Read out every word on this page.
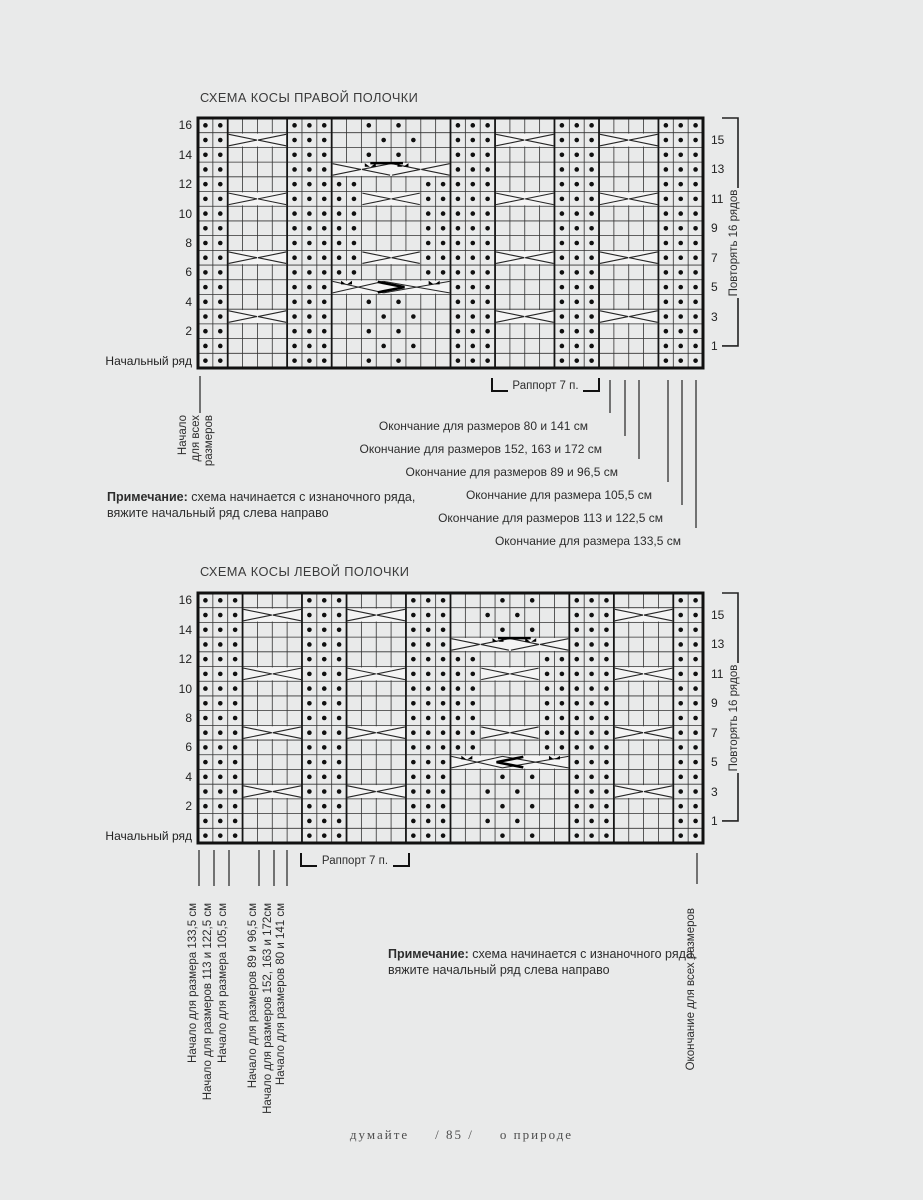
СХЕМА КОСЫ ПРАВОЙ ПОЛОЧКИ
СХЕМА КОСЫ ЛЕВОЙ ПОЛОЧКИ
Примечание: схема начинается с изнаночного ряда,
вяжите начальный ряд слева направо
Примечание: схема начинается с изнаночного ряда,
вяжите начальный ряд слева направо
думайте / 85 / о природе
Повторять 16 рядов
16
14
12
10
8
6
4
2
15
13
11
9
7
5
3
1
Начальный ряд
Раппорт 7 п.
Окончание для размеров 80 и 141 см
Окончание для размеров 152, 163 и 172 см
Окончание для размеров 89 и 96,5 см
Окончание для размера 105,5 см
Окончание для размеров 113 и 122,5 см
Окончание для размера 133,5 см
Начало для всех размеров
Повторять 16 рядов
16
14
12
10
8
6
4
2
15
13
11
9
7
5
3
1
Начальный ряд
Раппорт 7 п.
Начало для размера 133,5 см Начало для размеров 113 и 122,5 см Начало для размера 105,5 см Начало для размеров 89 и 96,5 см Начало для размеров 152, 163 и 172см Начало для размеров 80 и 141 см	Окончание для всех размеров
